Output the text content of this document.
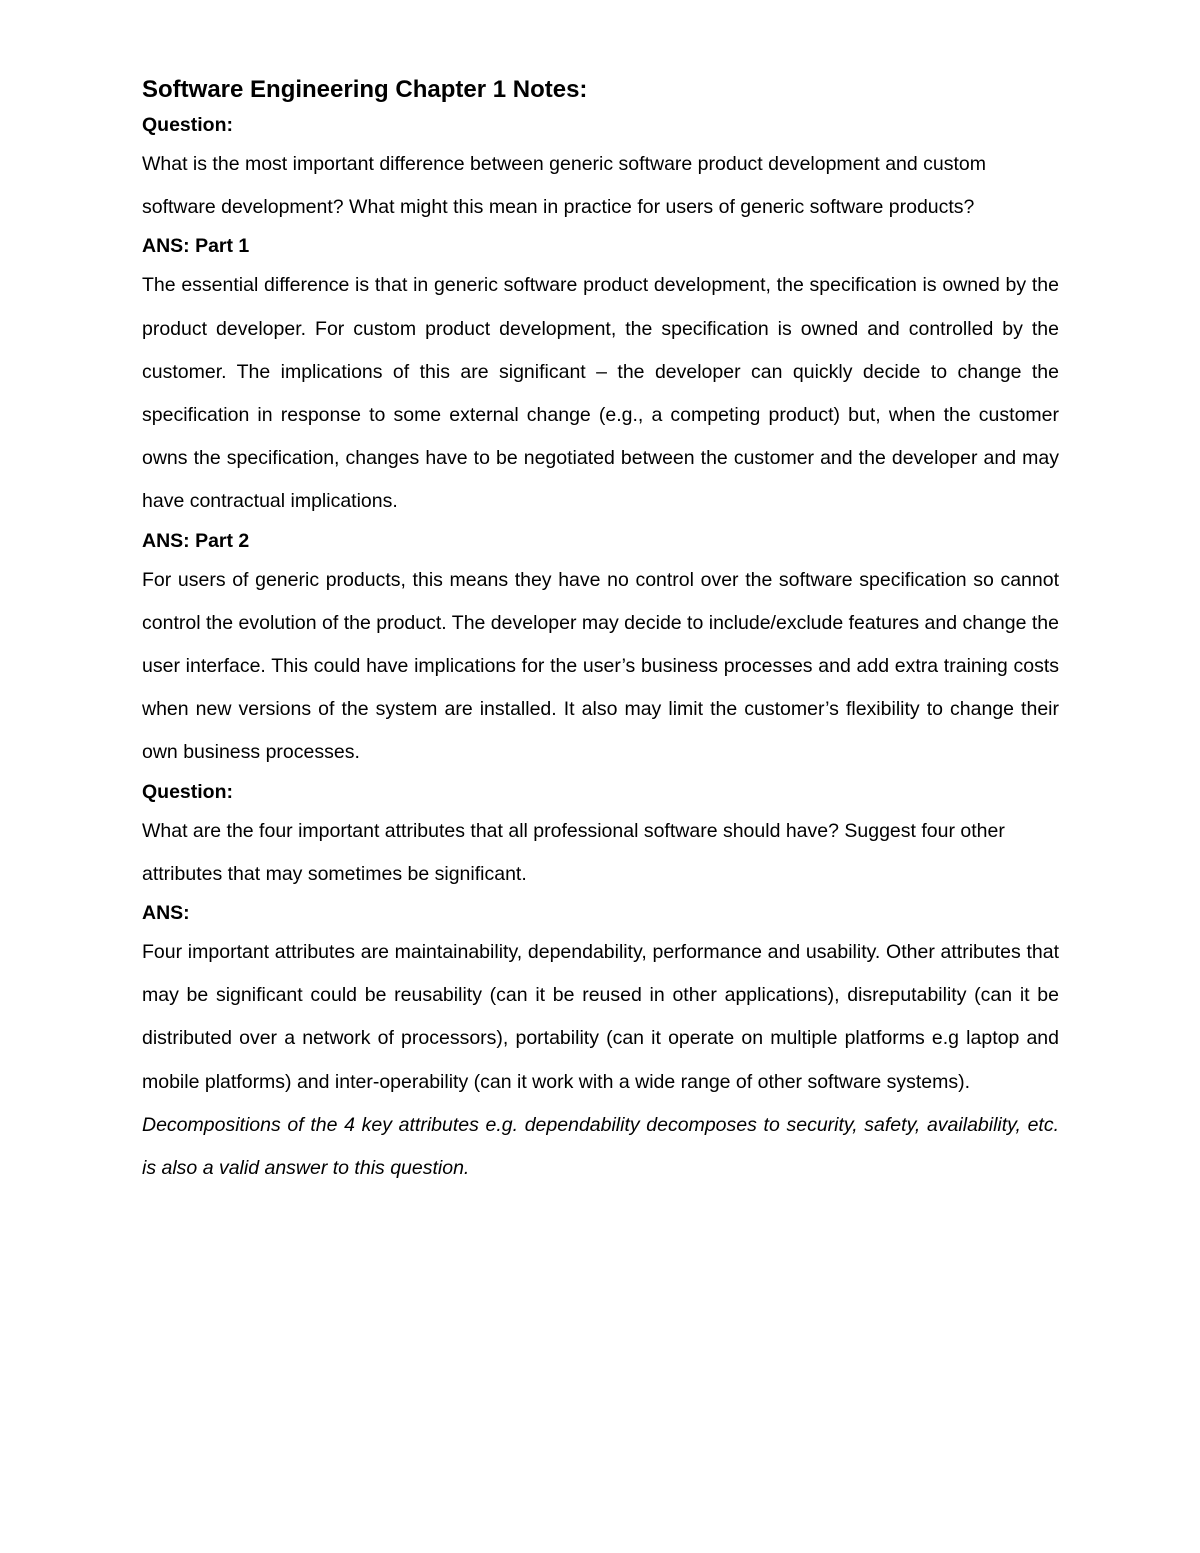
Software Engineering Chapter 1 Notes:

Question:

What is the most important difference between generic software product development and custom software development? What might this mean in practice for users of generic software products?

ANS: Part 1

The essential difference is that in generic software product development, the specification is owned by the product developer. For custom product development, the specification is owned and controlled by the customer. The implications of this are significant – the developer can quickly decide to change the specification in response to some external change (e.g., a competing product) but, when the customer owns the specification, changes have to be negotiated between the customer and the developer and may have contractual implications.

ANS: Part 2

For users of generic products, this means they have no control over the software specification so cannot control the evolution of the product. The developer may decide to include/exclude features and change the user interface. This could have implications for the user’s business processes and add extra training costs when new versions of the system are installed. It also may limit the customer’s flexibility to change their own business processes.

Question:

What are the four important attributes that all professional software should have? Suggest four other attributes that may sometimes be significant.

ANS:

Four important attributes are maintainability, dependability, performance and usability. Other attributes that may be significant could be reusability (can it be reused in other applications), disreputability (can it be distributed over a network of processors), portability (can it operate on multiple platforms e.g laptop and mobile platforms) and inter-operability (can it work with a wide range of other software systems).

Decompositions of the 4 key attributes e.g. dependability decomposes to security, safety, availability, etc. is also a valid answer to this question.
